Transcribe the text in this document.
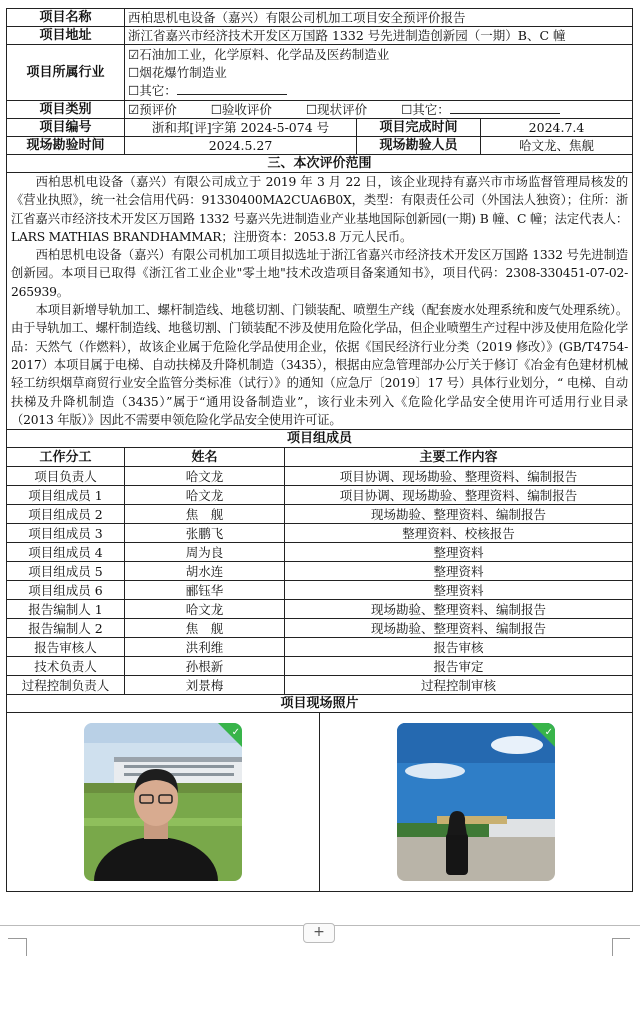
项目名称	西柏思机电设备（嘉兴）有限公司机加工项目安全预评价报告		
项目地址	浙江省嘉兴市经济技术开发区万国路 1332 号先进制造创新园（一期）B、C 幢		
项目所属行业	☑石油加工业，化学原料、化学品及医药制造业
☐烟花爆竹制造业
☐其它：		

项目类别	☑预评价 ☐验收评价 ☐现状评价 ☐其它：		
项目编号	浙和邦[评]字第 2024-5-074 号	项目完成时间	2024.7.4
现场勘验时间	2024.5.27	现场勘验人员	哈文龙、焦舰
三、本次评价范围			

西柏思机电设备（嘉兴）有限公司成立于 2019 年 3 月 22 日，该企业现持有嘉兴市市场监督管理局核发的《营业执照》，统一社会信用代码：91330400MA2CUA6B0X，类型：有限责任公司（外国法人独资）；住所：浙江省嘉兴市经济技术开发区万国路 1332 号嘉兴先进制造业产业基地国际创新园(一期) B 幢、C 幢；法定代表人：LARS MATHIAS BRANDHAMMAR；注册资本：2053.8 万元人民币。

西柏思机电设备（嘉兴）有限公司机加工项目拟选址于浙江省嘉兴市经济技术开发区万国路 1332 号先进制造创新园。本项目已取得《浙江省工业企业"零土地"技术改造项目备案通知书》，项目代码：2308-330451-07-02-265939。

本项目新增导轨加工、螺杆制造线、地毯切割、门锁装配、喷塑生产线（配套废水处理系统和废气处理系统）。由于导轨加工、螺杆制造线、地毯切割、门锁装配不涉及使用危险化学品，但企业喷塑生产过程中涉及使用危险化学品：天然气（作燃料），故该企业属于危险化学品使用企业，依据《国民经济行业分类（2019 修改）》(GB/T4754-2017）本项目属于电梯、自动扶梯及升降机制造（3435），根据由应急管理部办公厅关于修订《冶金有色建材机械轻工纺织烟草商贸行业安全监管分类标准（试行）》的通知（应急厅〔2019〕17 号）具体行业划分，“ 电梯、自动扶梯及升降机制造（3435）”属于“通用设备制造业”，该行业未列入《危险化学品安全使用许可适用行业目录（2013 年版）》因此不需要申领危险化学品安全使用许可证。			

项目组成员		
工作分工	姓名	主要工作内容
项目负责人	哈文龙	项目协调、现场勘验、整理资料、编制报告
项目组成员 1	哈文龙	项目协调、现场勘验、整理资料、编制报告
项目组成员 2	焦　舰	现场勘验、整理资料、编制报告
项目组成员 3	张鹏飞	整理资料、校核报告
项目组成员 4	周为良	整理资料
项目组成员 5	胡水连	整理资料
项目组成员 6	郦钰华	整理资料
报告编制人 1	哈文龙	现场勘验、整理资料、编制报告
报告编制人 2	焦　舰	现场勘验、整理资料、编制报告
报告审核人	洪利维	报告审核
技术负责人	孙根新	报告审定
过程控制负责人	刘景梅	过程控制审核
项目现场照片		
✓	✓
+
